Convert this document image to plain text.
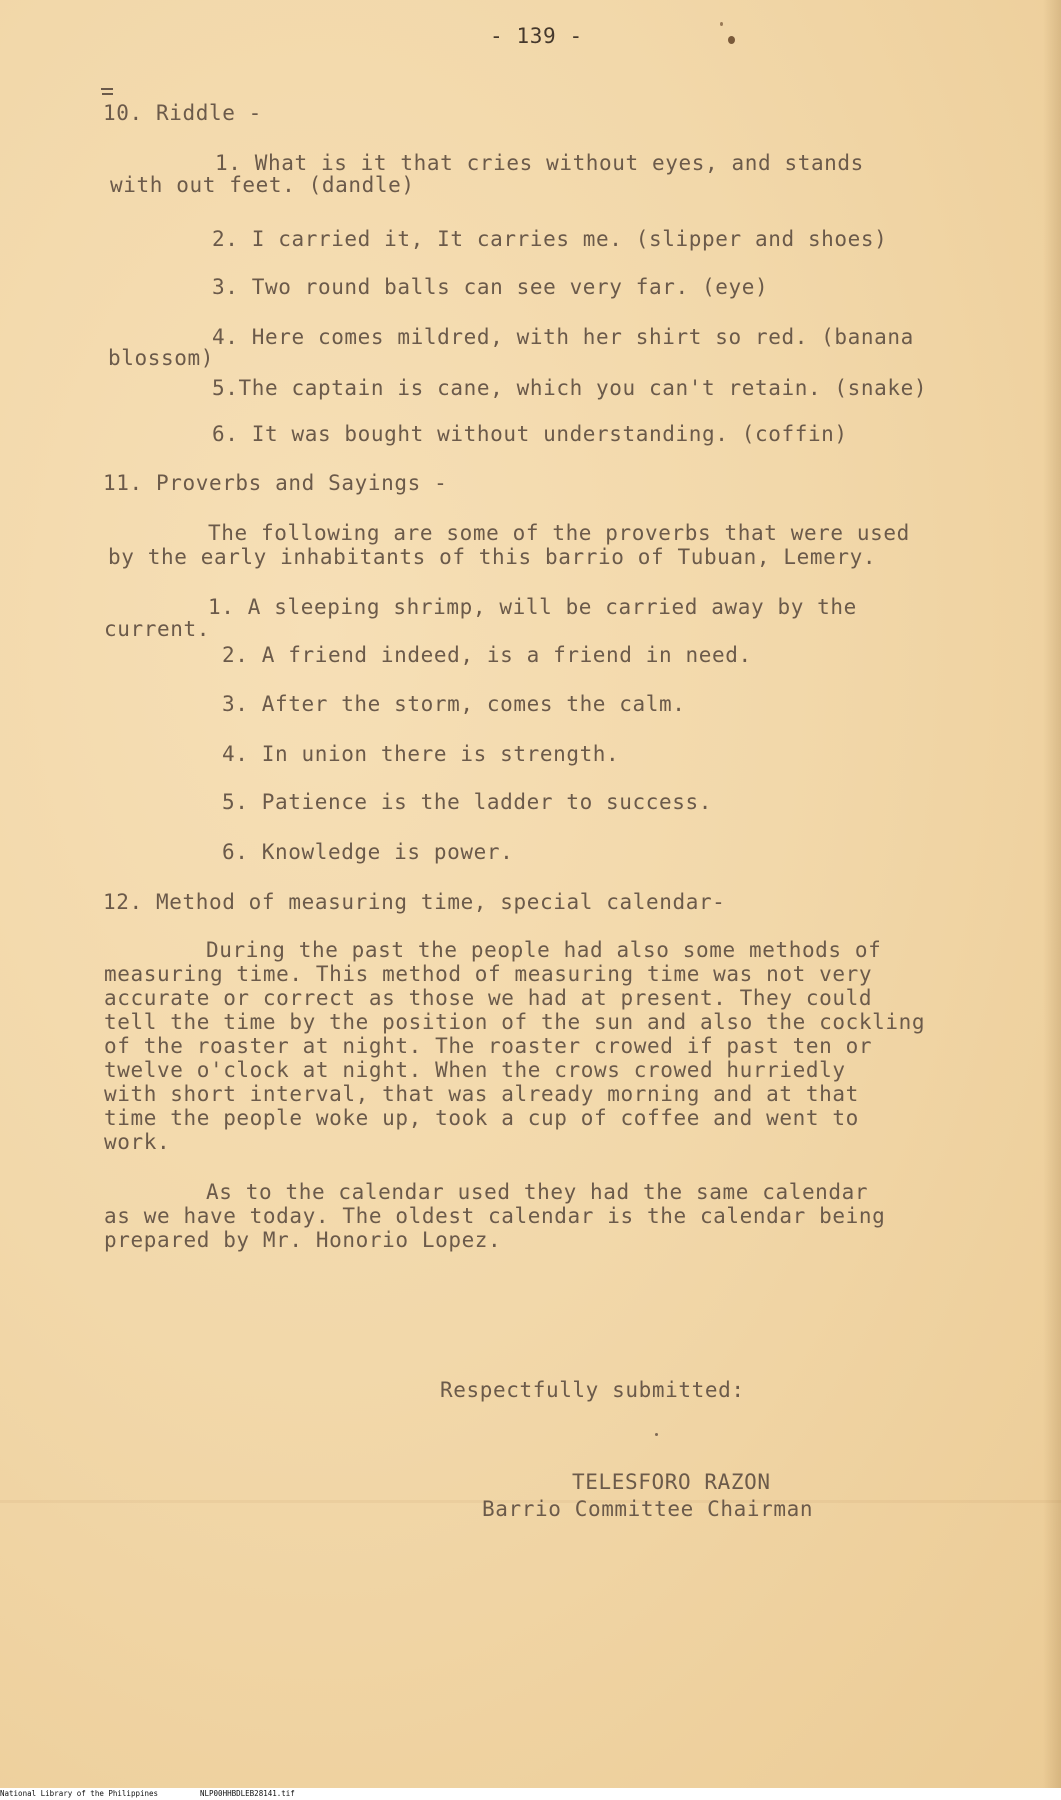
- 139 -

10. Riddle -

1. What is it that cries without eyes, and stands

with out feet. (dandle)

2. I carried it, It carries me. (slipper and shoes)

3. Two round balls can see very far. (eye)

4. Here comes mildred, with her shirt so red. (banana

blossom)

5.The captain is cane, which you can't retain. (snake)

6. It was bought without understanding. (coffin)

11. Proverbs and Sayings -

The following are some of the proverbs that were used

by the early inhabitants of this barrio of Tubuan, Lemery.

1. A sleeping shrimp, will be carried away by the

current.

2. A friend indeed, is a friend in need.

3. After the storm, comes the calm.

4. In union there is strength.

5. Patience is the ladder to success.

6. Knowledge is power.

12. Method of measuring time, special calendar-

During the past the people had also some methods of

measuring time. This method of measuring time was not very

accurate or correct as those we had at present. They could

tell the time by the position of the sun and also the cockling

of the roaster at night. The roaster crowed if past ten or

twelve o'clock at night. When the crows crowed hurriedly

with short interval, that was already morning and at that

time the people woke up, took a cup of coffee and went to

work.

As to the calendar used they had the same calendar

as we have today. The oldest calendar is the calendar being

prepared by Mr. Honorio Lopez.

Respectfully submitted:

TELESFORO RAZON

Barrio Committee Chairman

National Library of the Philippines	NLP00HHBDLEB28141.tif
